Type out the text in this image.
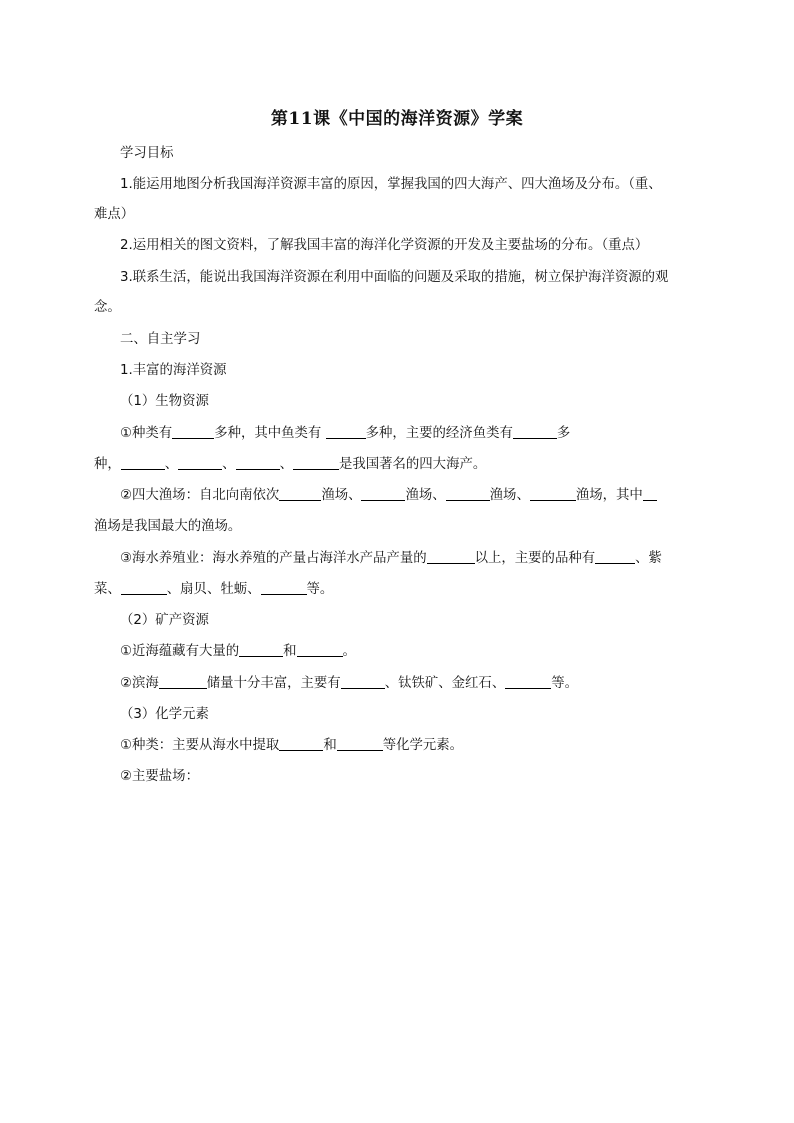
第11课《中国的海洋资源》学案
学习目标
1.能运用地图分析我国海洋资源丰富的原因，掌握我国的四大海产、四大渔场及分布。（重、
难点）
2.运用相关的图文资料，了解我国丰富的海洋化学资源的开发及主要盐场的分布。（重点）
3.联系生活，能说出我国海洋资源在利用中面临的问题及采取的措施，树立保护海洋资源的观
念。
二、自主学习
1.丰富的海洋资源
（1）生物资源
①种类有	多种，其中鱼类有	多种，主要的经济鱼类有	多
种，	、	、	、	是我国著名的四大海产。
②四大渔场：自北向南依次	渔场、	渔场、	渔场、	渔场，其中
渔场是我国最大的渔场。
③海水养殖业：海水养殖的产量占海洋水产品产量的	以上，主要的品种有	、紫
菜、	、扇贝、牡蛎、	等。
（2）矿产资源
①近海蕴藏有大量的	和	。
②滨海	储量十分丰富，主要有	、钛铁矿、金红石、	等。
（3）化学元素
①种类：主要从海水中提取	和	等化学元素。
②主要盐场：
